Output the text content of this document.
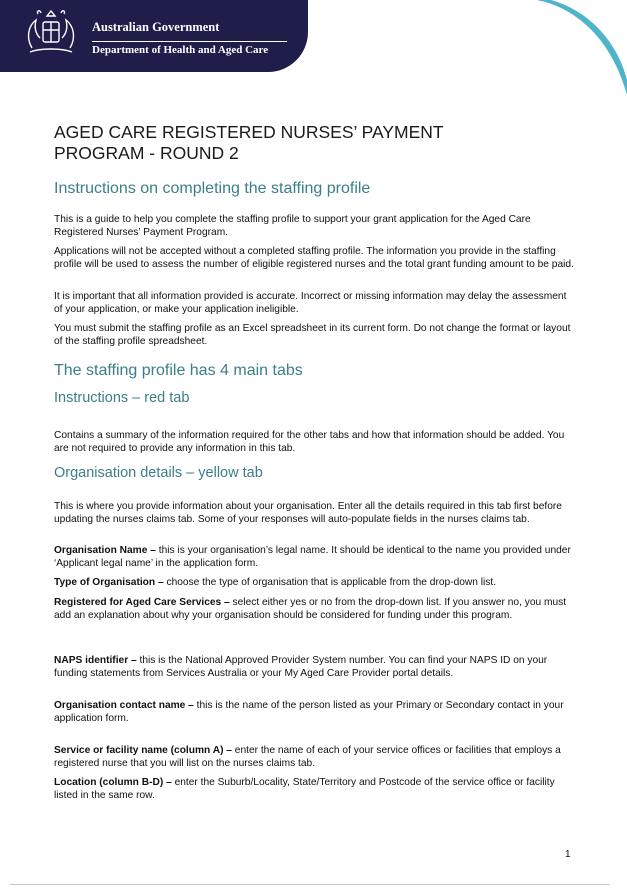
Australian Government
Department of Health and Aged Care
AGED CARE REGISTERED NURSES’ PAYMENT
PROGRAM - ROUND 2
Instructions on completing the staffing profile

This is a guide to help you complete the staffing profile to support your grant application for the Aged Care Registered Nurses’ Payment Program.

Applications will not be accepted without a completed staffing profile. The information you provide in the staffing profile will be used to assess the number of eligible registered nurses and the total grant funding amount to be paid.

It is important that all information provided is accurate. Incorrect or missing information may delay the assessment of your application, or make your application ineligible.

You must submit the staffing profile as an Excel spreadsheet in its current form. Do not change the format or layout of the staffing profile spreadsheet.

The staffing profile has 4 main tabs
Instructions – red tab

Contains a summary of the information required for the other tabs and how that information should be added. You are not required to provide any information in this tab.

Organisation details – yellow tab

This is where you provide information about your organisation. Enter all the details required in this tab first before updating the nurses claims tab. Some of your responses will auto-populate fields in the nurses claims tab.

Organisation Name – this is your organisation’s legal name. It should be identical to the name you provided under ‘Applicant legal name’ in the application form.

Type of Organisation – choose the type of organisation that is applicable from the drop-down list.

Registered for Aged Care Services – select either yes or no from the drop-down list. If you answer no, you must add an explanation about why your organisation should be considered for funding under this program.

NAPS identifier – this is the National Approved Provider System number. You can find your NAPS ID on your funding statements from Services Australia or your My Aged Care Provider portal details.

Organisation contact name – this is the name of the person listed as your Primary or Secondary contact in your application form.

Service or facility name (column A) – enter the name of each of your service offices or facilities that employs a registered nurse that you will list on the nurses claims tab.

Location (column B-D) – enter the Suburb/Locality, State/Territory and Postcode of the service office or facility listed in the same row.

1
